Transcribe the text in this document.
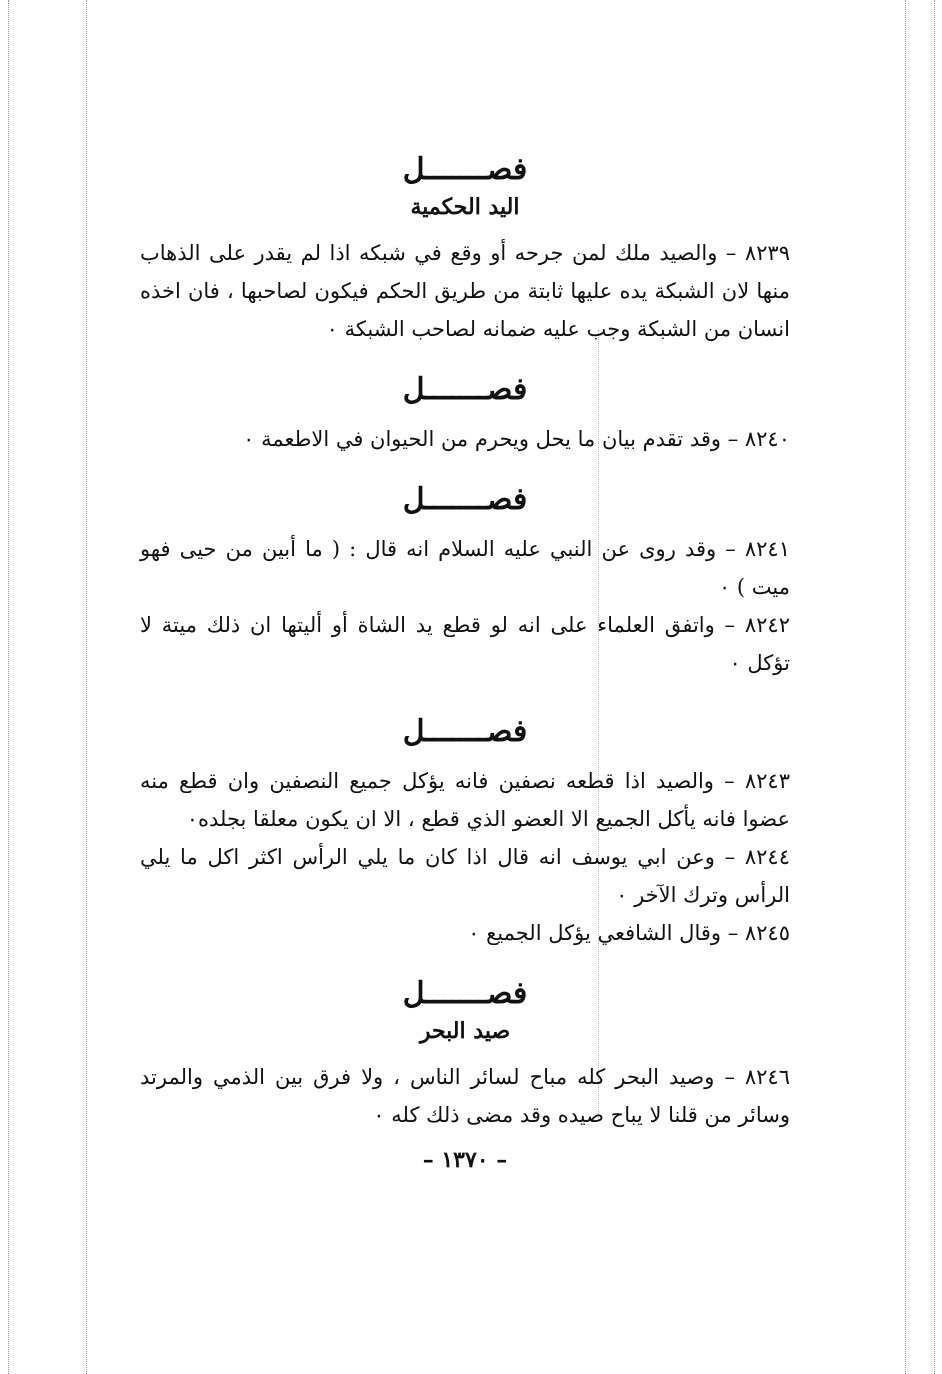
فصـــــــل
اليد الحكمية

٨٢٣٩ – والصيد ملك لمن جرحه أو وقع في شبكه اذا لم يقدر على الذهاب منها لان الشبكة يده عليها ثابتة من طريق الحكم فيكون لصاحبها ، فان اخذه انسان من الشبكة وجب عليه ضمانه لصاحب الشبكة ٠

فصـــــــل

٨٢٤٠ – وقد تقدم بيان ما يحل ويحرم من الحيوان في الاطعمة ٠

فصـــــــل

٨٢٤١ – وقد روى عن النبي عليه السلام انه قال : ( ما أبين من حيى فهو ميت ) ٠

٨٢٤٢ – واتفق العلماء على انه لو قطع يد الشاة أو أليتها ان ذلك ميتة لا تؤكل ٠

فصـــــــل

٨٢٤٣ – والصيد اذا قطعه نصفين فانه يؤكل جميع النصفين وان قطع منه عضوا فانه يأكل الجميع الا العضو الذي قطع ، الا ان يكون معلقا بجلده٠

٨٢٤٤ – وعن ابي يوسف انه قال اذا كان ما يلي الرأس اكثر اكل ما يلي الرأس وترك الآخر ٠

٨٢٤٥ – وقال الشافعي يؤكل الجميع ٠

فصـــــــل
صيد البحر

٨٢٤٦ – وصيد البحر كله مباح لسائر الناس ، ولا فرق بين الذمي والمرتد وسائر من قلنا لا يباح صيده وقد مضى ذلك كله ٠

– ١٣٧٠ –
